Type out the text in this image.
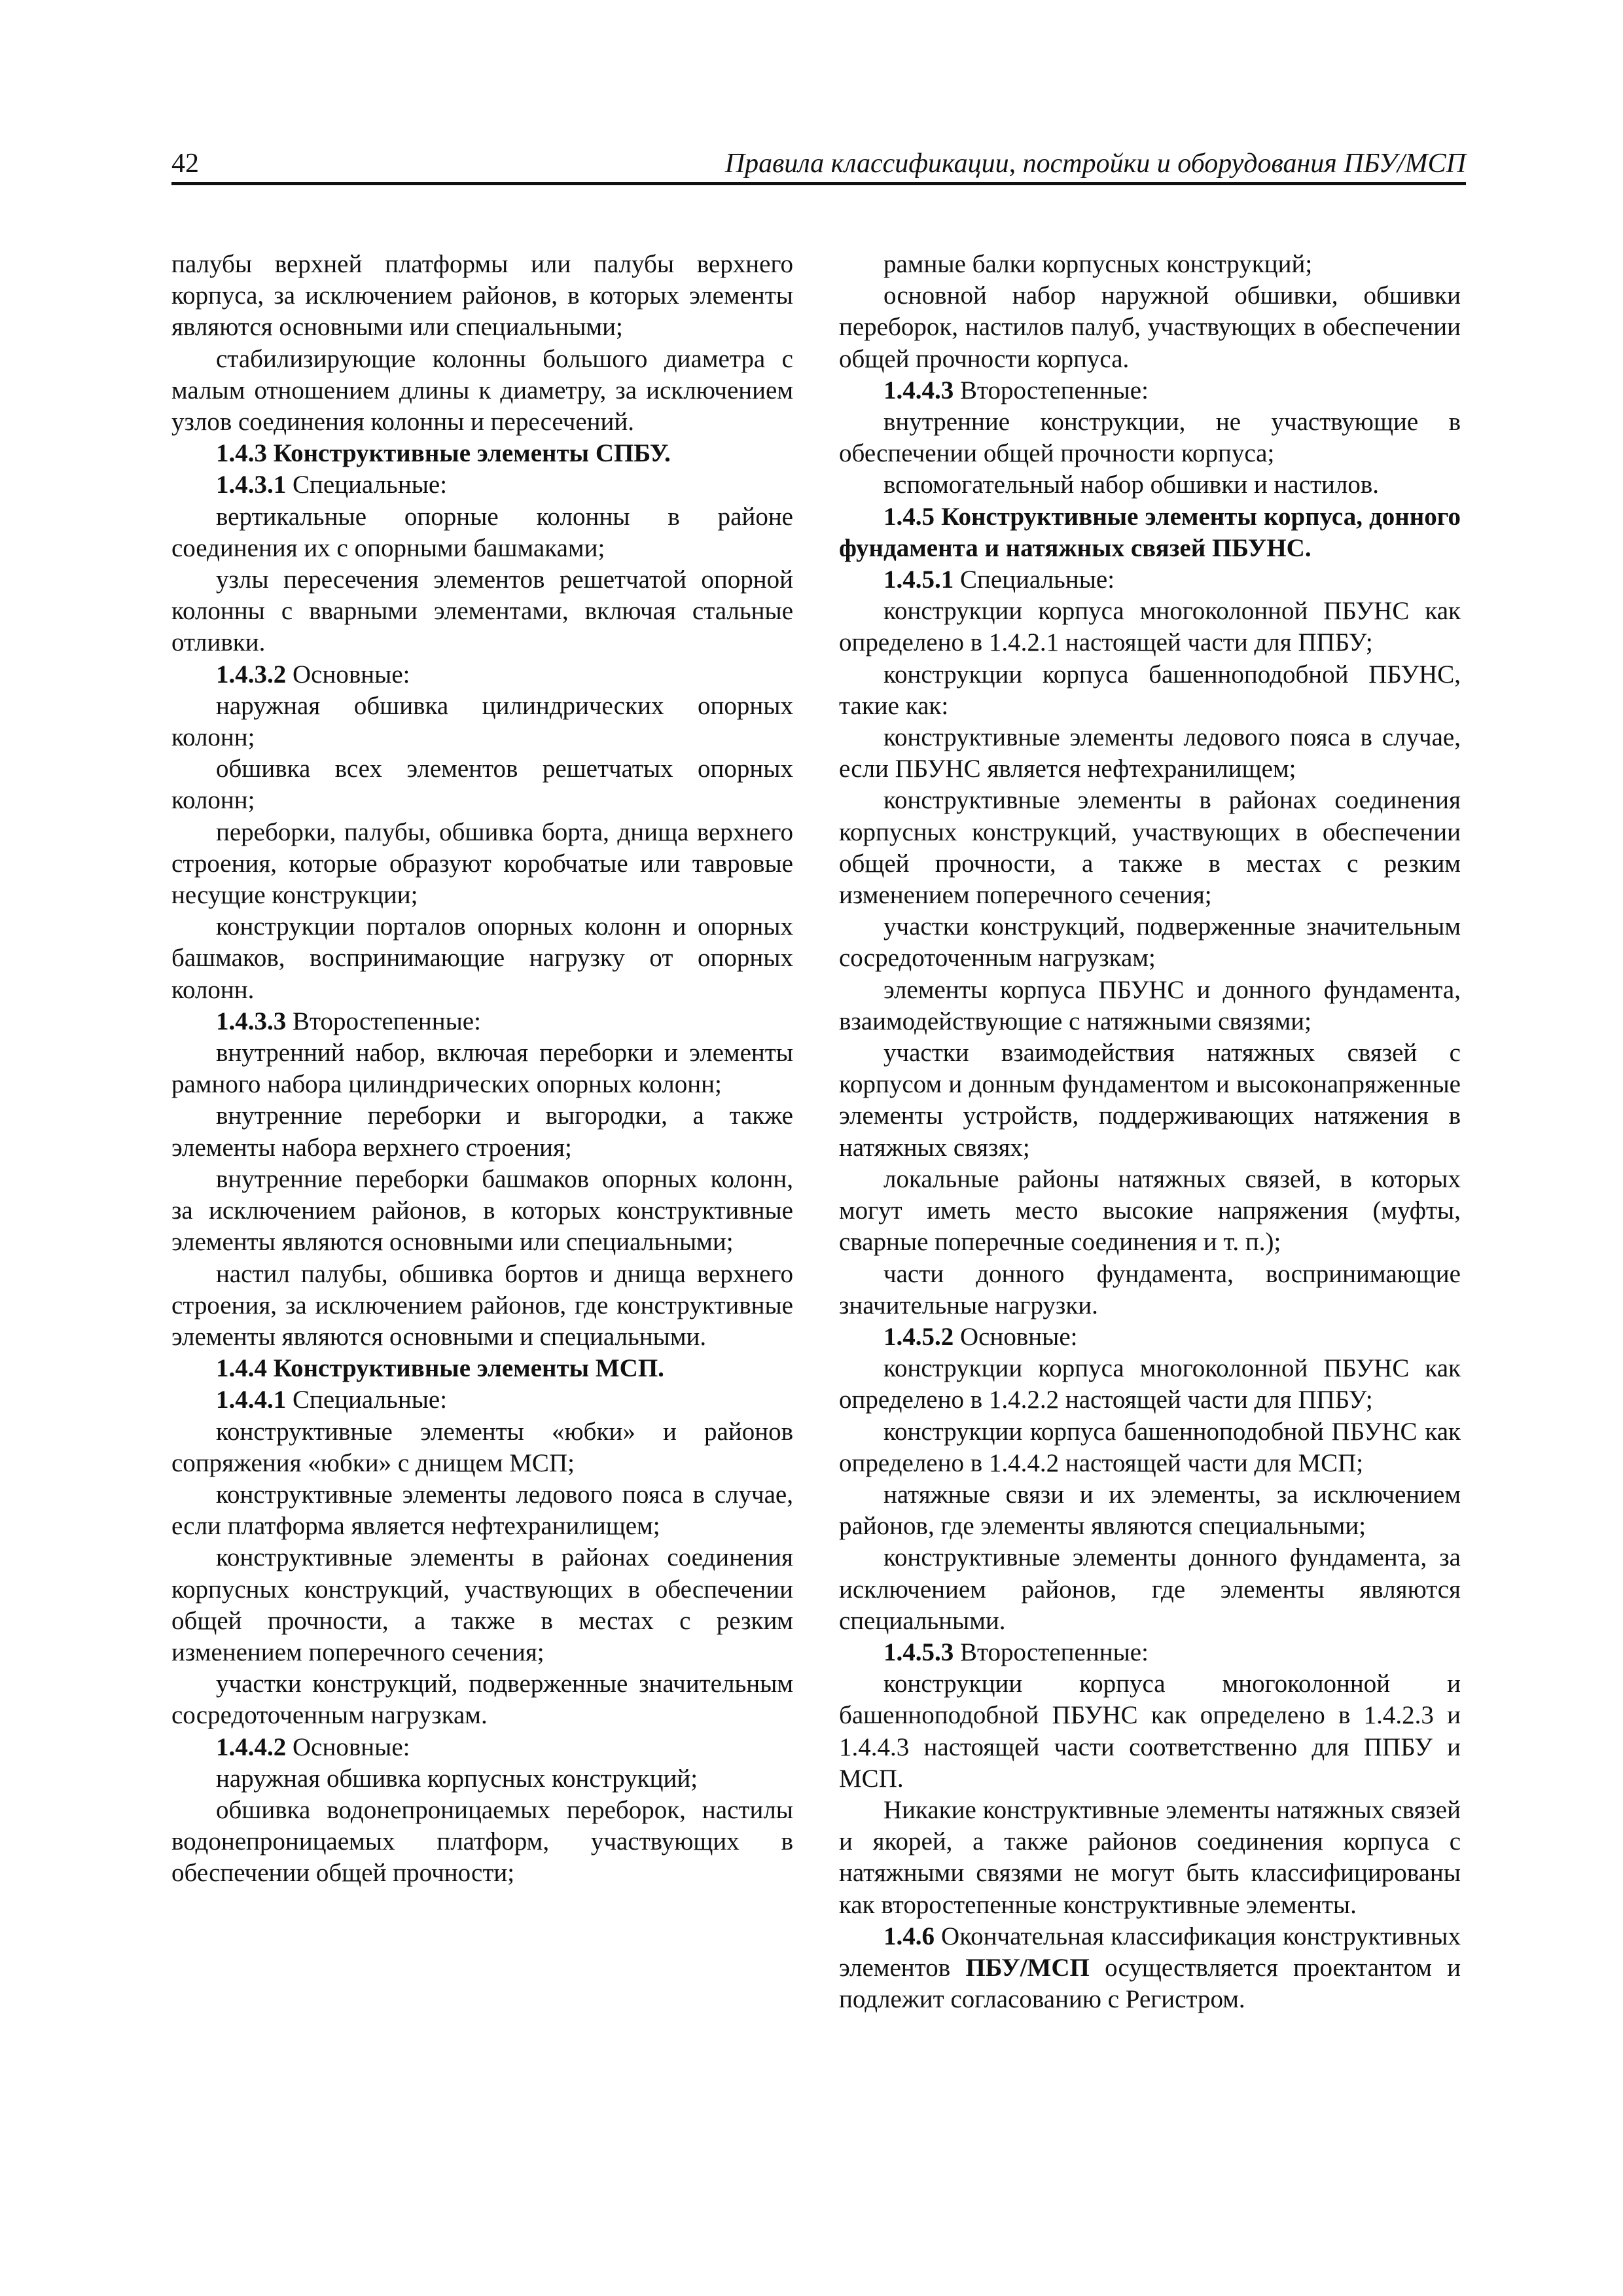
42	Правила классификации, постройки и оборудования ПБУ/МСП

палубы верхней платформы или палубы верхнего корпуса, за исключением районов, в которых элементы являются основными или специальными;

стабилизирующие колонны большого диаметра с малым отношением длины к диаметру, за исключением узлов соединения колонны и пересечений.

1.4.3 Конструктивные элементы СПБУ.

1.4.3.1 Специальные:

вертикальные опорные колонны в районе соединения их с опорными башмаками;

узлы пересечения элементов решетчатой опорной колонны с вварными элементами, включая стальные отливки.

1.4.3.2 Основные:

наружная обшивка цилиндрических опорных колонн;

обшивка всех элементов решетчатых опорных колонн;

переборки, палубы, обшивка борта, днища верхнего строения, которые образуют коробчатые или тавровые несущие конструкции;

конструкции порталов опорных колонн и опорных башмаков, воспринимающие нагрузку от опорных колонн.

1.4.3.3 Второстепенные:

внутренний набор, включая переборки и элементы рамного набора цилиндрических опорных колонн;

внутренние переборки и выгородки, а также элементы набора верхнего строения;

внутренние переборки башмаков опорных колонн, за исключением районов, в которых конструктивные элементы являются основными или специальными;

настил палубы, обшивка бортов и днища верхнего строения, за исключением районов, где конструктивные элементы являются основными и специальными.

1.4.4 Конструктивные элементы МСП.

1.4.4.1 Специальные:

конструктивные элементы «юбки» и районов сопряжения «юбки» с днищем МСП;

конструктивные элементы ледового пояса в случае, если платформа является нефтехранилищем;

конструктивные элементы в районах соединения корпусных конструкций, участвующих в обеспечении общей прочности, а также в местах с резким изменением поперечного сечения;

участки конструкций, подверженные значительным сосредоточенным нагрузкам.

1.4.4.2 Основные:

наружная обшивка корпусных конструкций;

обшивка водонепроницаемых переборок, настилы водонепроницаемых платформ, участвующих в обеспечении общей прочности;

рамные балки корпусных конструкций;

основной набор наружной обшивки, обшивки переборок, настилов палуб, участвующих в обеспечении общей прочности корпуса.

1.4.4.3 Второстепенные:

внутренние конструкции, не участвующие в обеспечении общей прочности корпуса;

вспомогательный набор обшивки и настилов.

1.4.5 Конструктивные элементы корпуса, донного фундамента и натяжных связей ПБУНС.

1.4.5.1 Специальные:

конструкции корпуса многоколонной ПБУНС как определено в 1.4.2.1 настоящей части для ППБУ;

конструкции корпуса башенноподобной ПБУНС, такие как:

конструктивные элементы ледового пояса в случае, если ПБУНС является нефтехранилищем;

конструктивные элементы в районах соединения корпусных конструкций, участвующих в обеспечении общей прочности, а также в местах с резким изменением поперечного сечения;

участки конструкций, подверженные значительным сосредоточенным нагрузкам;

элементы корпуса ПБУНС и донного фундамента, взаимодействующие с натяжными связями;

участки взаимодействия натяжных связей с корпусом и донным фундаментом и высоконапряженные элементы устройств, поддерживающих натяжения в натяжных связях;

локальные районы натяжных связей, в которых могут иметь место высокие напряжения (муфты, сварные поперечные соединения и т. п.);

части донного фундамента, воспринимающие значительные нагрузки.

1.4.5.2 Основные:

конструкции корпуса многоколонной ПБУНС как определено в 1.4.2.2 настоящей части для ППБУ;

конструкции корпуса башенноподобной ПБУНС как определено в 1.4.4.2 настоящей части для МСП;

натяжные связи и их элементы, за исключением районов, где элементы являются специальными;

конструктивные элементы донного фундамента, за исключением районов, где элементы являются специальными.

1.4.5.3 Второстепенные:

конструкции корпуса многоколонной и башенноподобной ПБУНС как определено в 1.4.2.3 и 1.4.4.3 настоящей части соответственно для ППБУ и МСП.

Никакие конструктивные элементы натяжных связей и якорей, а также районов соединения корпуса с натяжными связями не могут быть классифицированы как второстепенные конструктивные элементы.

1.4.6 Окончательная классификация конструктивных элементов ПБУ/МСП осуществляется проектантом и подлежит согласованию с Регистром.
